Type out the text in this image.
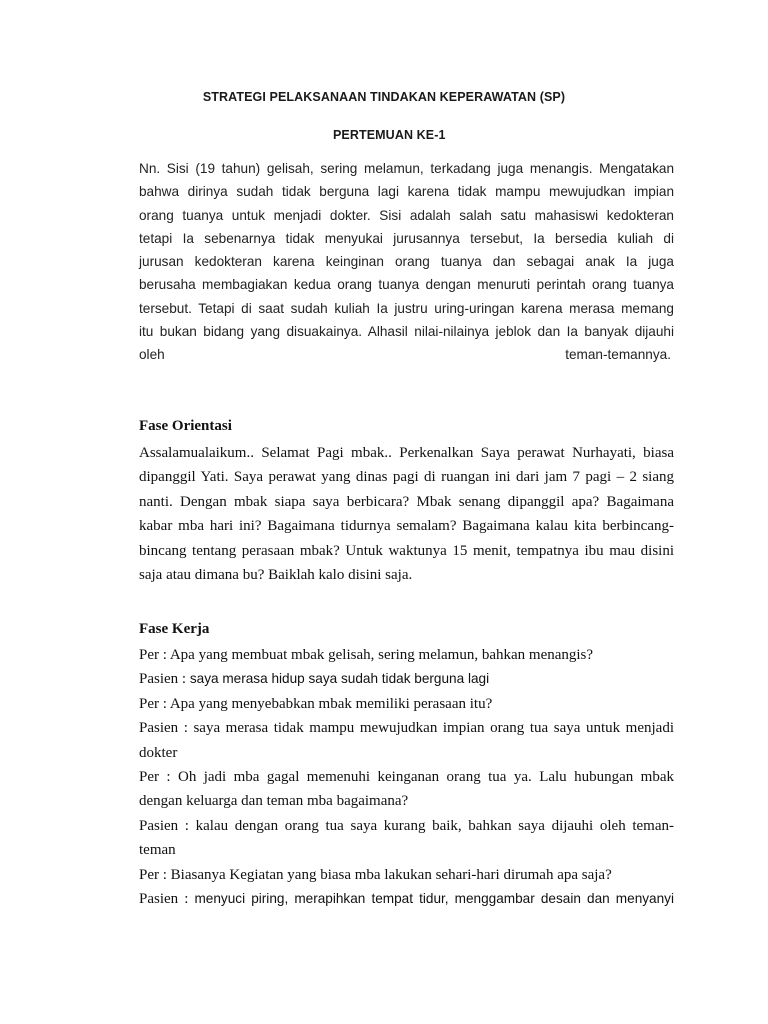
STRATEGI PELAKSANAAN TINDAKAN KEPERAWATAN (SP)
PERTEMUAN KE-1
Nn. Sisi (19 tahun) gelisah, sering melamun, terkadang juga menangis. Mengatakan
bahwa dirinya sudah tidak berguna lagi karena tidak mampu mewujudkan impian
orang tuanya untuk menjadi dokter. Sisi adalah salah satu mahasiswi kedokteran
tetapi Ia sebenarnya tidak menyukai jurusannya tersebut, Ia bersedia kuliah di
jurusan kedokteran karena keinginan orang tuanya dan sebagai anak Ia juga
berusaha membagiakan kedua orang tuanya dengan menuruti perintah orang tuanya
tersebut. Tetapi di saat sudah kuliah Ia justru uring-uringan karena merasa memang
itu bukan bidang yang disuakainya. Alhasil nilai-nilainya jeblok dan Ia banyak dijauhi
oleh	teman-temannya.
Fase Orientasi
Assalamualaikum.. Selamat Pagi mbak.. Perkenalkan Saya perawat Nurhayati, biasa
dipanggil Yati. Saya perawat yang dinas pagi di ruangan ini dari jam 7 pagi – 2 siang
nanti. Dengan mbak siapa saya berbicara? Mbak senang dipanggil apa? Bagaimana
kabar mba hari ini? Bagaimana tidurnya semalam? Bagaimana kalau kita berbincang-
bincang tentang perasaan mbak? Untuk waktunya 15 menit, tempatnya ibu mau disini
saja atau dimana bu? Baiklah kalo disini saja.
Fase Kerja
Per : Apa yang membuat mbak gelisah, sering melamun, bahkan menangis?
Pasien : saya merasa hidup saya sudah tidak berguna lagi
Per : Apa yang menyebabkan mbak memiliki perasaan itu?
Pasien : saya merasa tidak mampu mewujudkan impian orang tua saya untuk menjadi
dokter
Per : Oh jadi mba gagal memenuhi keinganan orang tua ya. Lalu hubungan mbak
dengan keluarga dan teman mba bagaimana?
Pasien : kalau dengan orang tua saya kurang baik, bahkan saya dijauhi oleh teman-
teman
Per : Biasanya Kegiatan yang biasa mba lakukan sehari-hari dirumah apa saja?
Pasien : menyuci piring, merapihkan tempat tidur, menggambar desain dan menyanyi
